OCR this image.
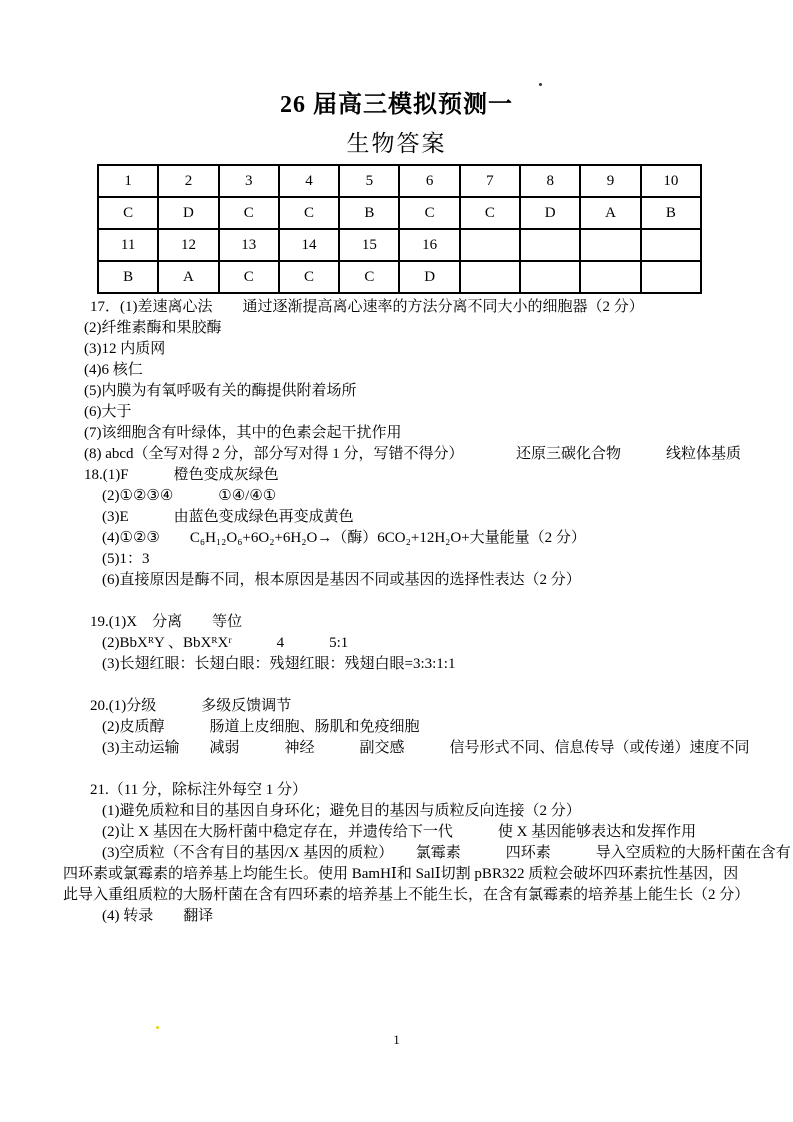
26 届高三模拟预测一
生物答案
1	2	3	4	5	6	7	8	9	10
C	D	C	C	B	C	C	D	A	B
11	12	13	14	15	16				
B	A	C	C	C	D				

17．(1)差速离心法　　通过逐渐提高离心速率的方法分离不同大小的细胞器（2 分）

(2)纤维素酶和果胶酶

(3)12 内质网

(4)6 核仁

(5)内膜为有氧呼吸有关的酶提供附着场所

(6)大于

(7)该细胞含有叶绿体，其中的色素会起干扰作用

(8) abcd（全写对得 2 分，部分写对得 1 分，写错不得分）　　　　还原三碳化合物　　　线粒体基质

18.(1)F　　　橙色变成灰绿色

(2)①②③④　　　①④/④①

(3)E　　　由蓝色变成绿色再变成黄色

(4)①②③　　C₆H₁₂O₆+6O₂+6H₂O→（酶）6CO₂+12H₂O+大量能量（2 分）

(5)1：3

(6)直接原因是酶不同，根本原因是基因不同或基因的选择性表达（2 分）

19.(1)X　分离　　等位

(2)BbXᴿY 、BbXᴿXʳ　　　4　　　5:1

(3)长翅红眼：长翅白眼：残翅红眼：残翅白眼=3:3:1:1

20.(1)分级　　　多级反馈调节

(2)皮质醇　　　肠道上皮细胞、肠肌和免疫细胞

(3)主动运输　　减弱　　　神经　　　副交感　　　信号形式不同、信息传导（或传递）速度不同

21.（11 分，除标注外每空 1 分）

(1)避免质粒和目的基因自身环化；避免目的基因与质粒反向连接（2 分）

(2)让 X 基因在大肠杆菌中稳定存在，并遗传给下一代　　　使 X 基因能够表达和发挥作用

(3)空质粒（不含有目的基因/X 基因的质粒）　　氯霉素　　　四环素　　　导入空质粒的大肠杆菌在含有

四环素或氯霉素的培养基上均能生长。使用 BamHⅠ和 SalⅠ切割 pBR322 质粒会破坏四环素抗性基因，因

此导入重组质粒的大肠杆菌在含有四环素的培养基上不能生长，在含有氯霉素的培养基上能生长（2 分）

(4) 转录　　翻译

1
